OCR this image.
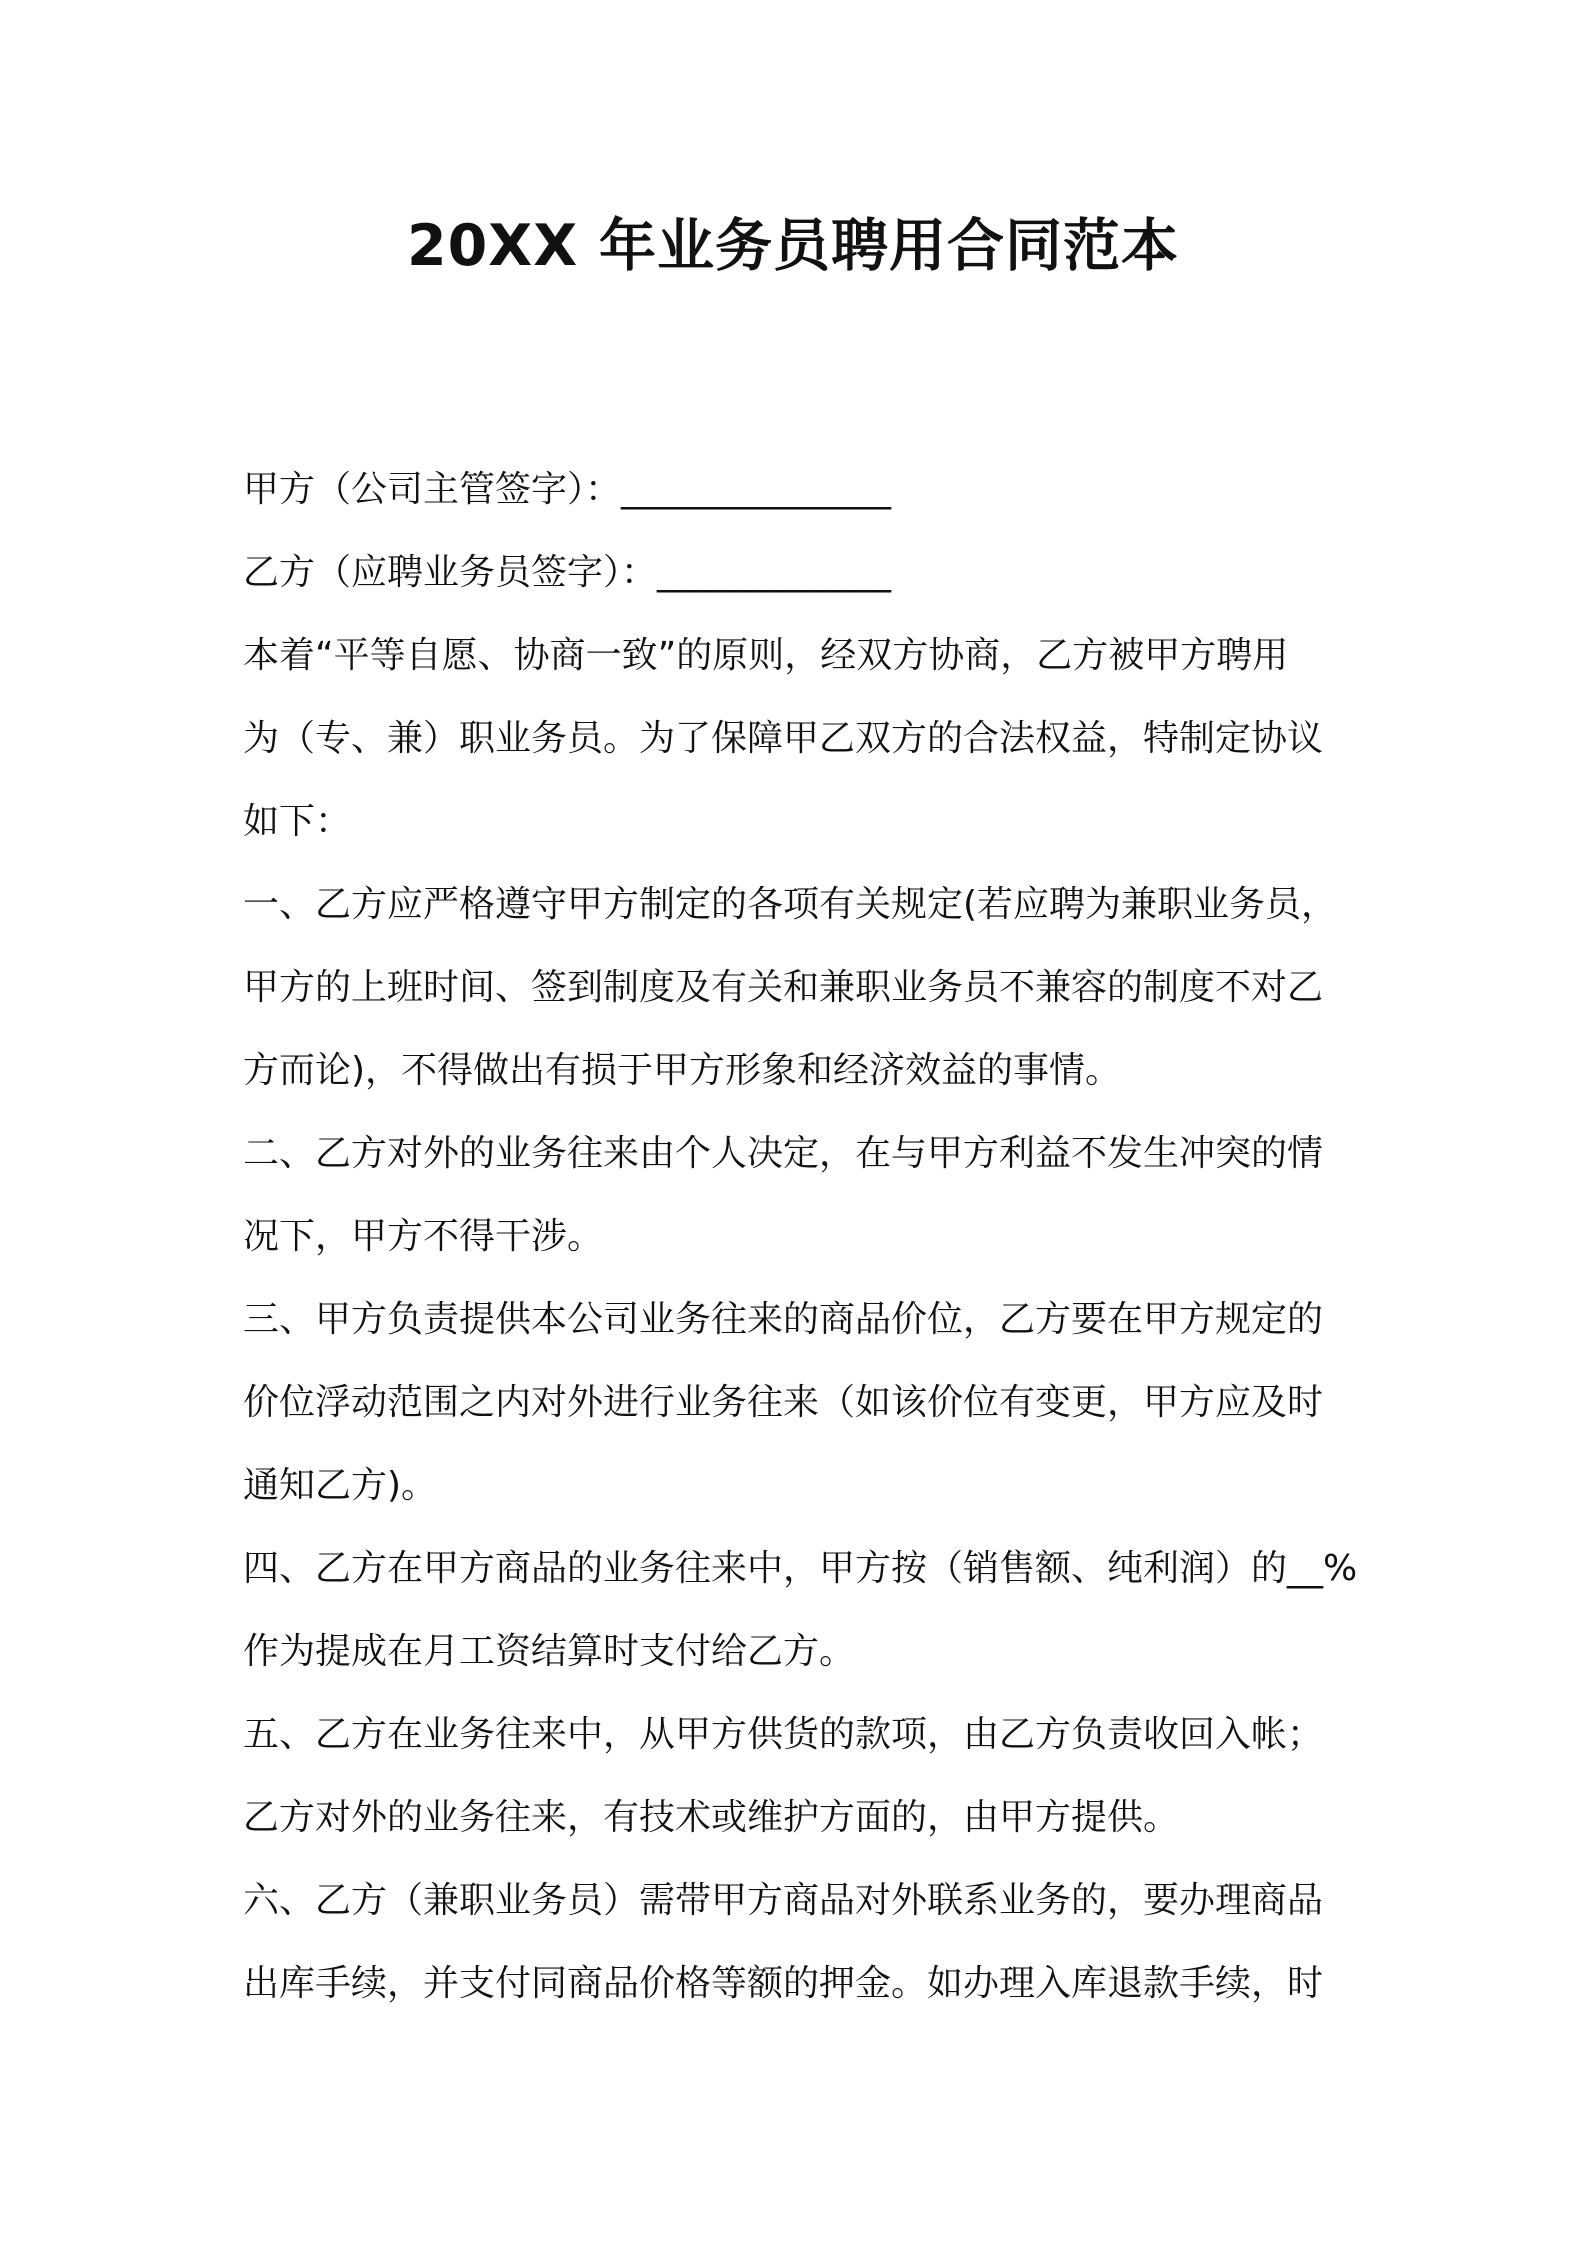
20XX 年业务员聘用合同范本
甲方（公司主管签字）：_______________
乙方（应聘业务员签字）：_____________
本着“平等自愿、协商一致”的原则，经双方协商，乙方被甲方聘用
为（专、兼）职业务员。为了保障甲乙双方的合法权益，特制定协议
如下：
一、乙方应严格遵守甲方制定的各项有关规定(若应聘为兼职业务员，
甲方的上班时间、签到制度及有关和兼职业务员不兼容的制度不对乙
方而论)，不得做出有损于甲方形象和经济效益的事情。
二、乙方对外的业务往来由个人决定，在与甲方利益不发生冲突的情
况下，甲方不得干涉。
三、甲方负责提供本公司业务往来的商品价位，乙方要在甲方规定的
价位浮动范围之内对外进行业务往来（如该价位有变更，甲方应及时
通知乙方)。
四、乙方在甲方商品的业务往来中，甲方按（销售额、纯利润）的__%
作为提成在月工资结算时支付给乙方。
五、乙方在业务往来中，从甲方供货的款项，由乙方负责收回入帐；
乙方对外的业务往来，有技术或维护方面的，由甲方提供。
六、乙方（兼职业务员）需带甲方商品对外联系业务的，要办理商品
出库手续，并支付同商品价格等额的押金。如办理入库退款手续，时
